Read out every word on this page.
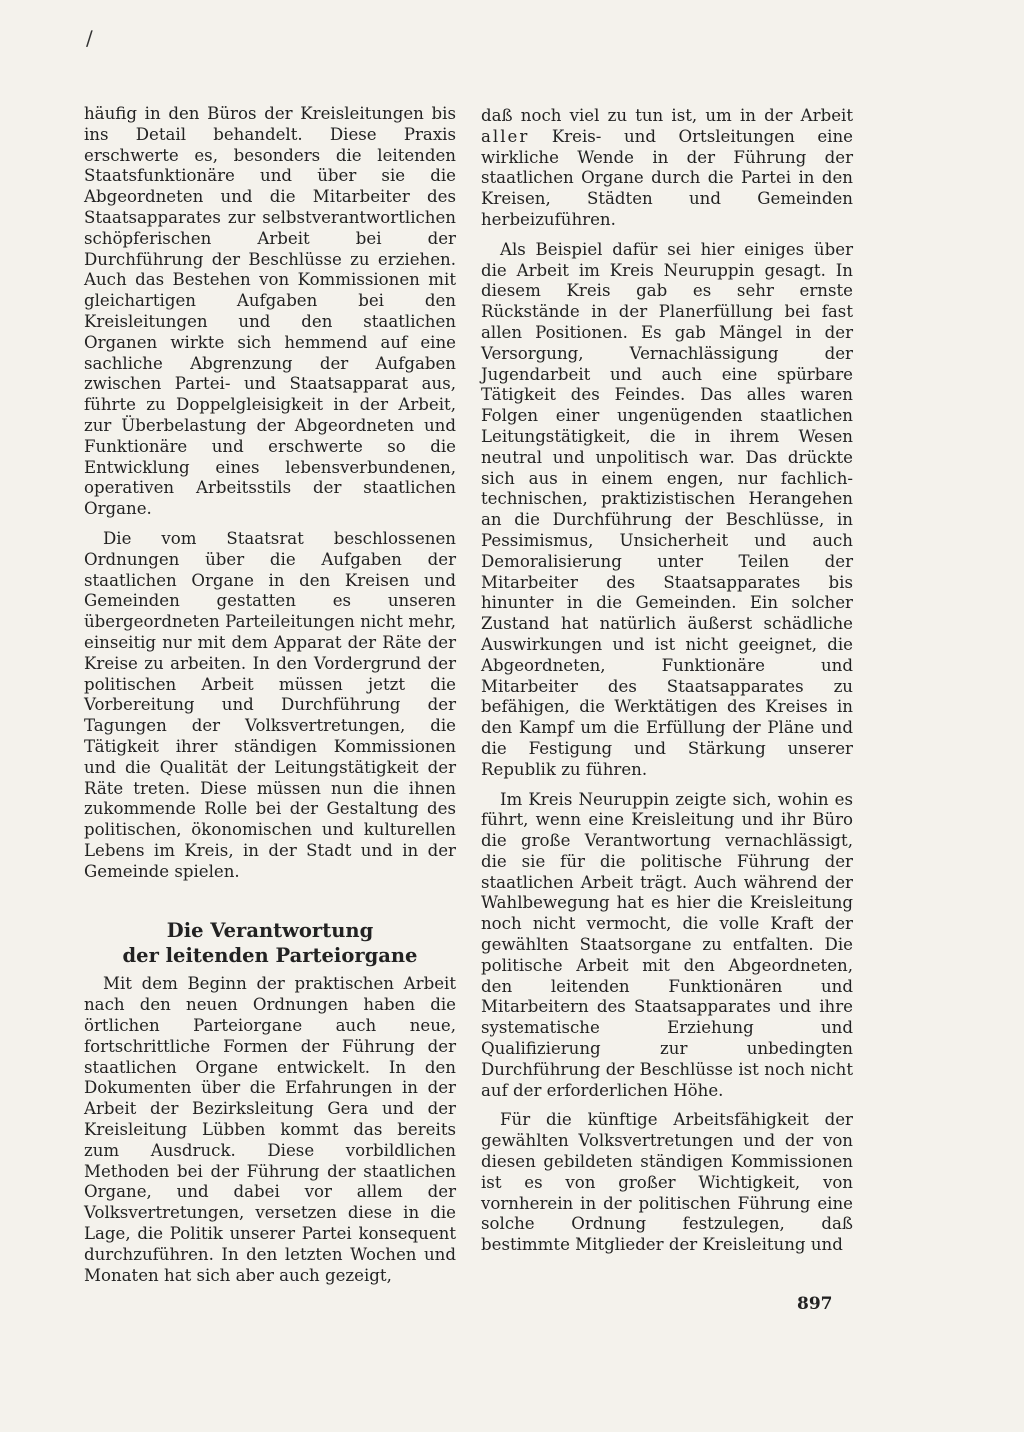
∕

häufig in den Büros der Kreisleitungen bis ins Detail behandelt. Diese Praxis erschwerte es, besonders die leitenden Staatsfunktionäre und über sie die Abgeordneten und die Mitarbeiter des Staatsapparates zur selbstverantwortlichen schöpferischen Arbeit bei der Durchführung der Beschlüsse zu erziehen. Auch das Bestehen von Kommissionen mit gleichartigen Aufgaben bei den Kreisleitungen und den staatlichen Organen wirkte sich hemmend auf eine sachliche Abgrenzung der Aufgaben zwischen Partei- und Staatsapparat aus, führte zu Doppelgleisigkeit in der Arbeit, zur Überbelastung der Abgeordneten und Funktionäre und erschwerte so die Entwicklung eines lebensverbundenen, operativen Arbeitsstils der staatlichen Organe.

Die vom Staatsrat beschlossenen Ordnungen über die Aufgaben der staatlichen Organe in den Kreisen und Gemeinden gestatten es unseren übergeordneten Parteileitungen nicht mehr, einseitig nur mit dem Apparat der Räte der Kreise zu arbeiten. In den Vordergrund der politischen Arbeit müssen jetzt die Vorbereitung und Durchführung der Tagungen der Volksvertretungen, die Tätigkeit ihrer ständigen Kommissionen und die Qualität der Leitungstätigkeit der Räte treten. Diese müssen nun die ihnen zukommende Rolle bei der Gestaltung des politischen, ökonomischen und kulturellen Lebens im Kreis, in der Stadt und in der Gemeinde spielen.

Die Verantwortung
der leitenden Parteiorgane

Mit dem Beginn der praktischen Arbeit nach den neuen Ordnungen haben die örtlichen Parteiorgane auch neue, fortschrittliche Formen der Führung der staatlichen Organe entwickelt. In den Dokumenten über die Erfahrungen in der Arbeit der Bezirksleitung Gera und der Kreisleitung Lübben kommt das bereits zum Ausdruck. Diese vorbildlichen Methoden bei der Führung der staatlichen Organe, und dabei vor allem der Volksvertretungen, versetzen diese in die Lage, die Politik unserer Partei konsequent durchzuführen. In den letzten Wochen und Monaten hat sich aber auch gezeigt,

daß noch viel zu tun ist, um in der Arbeit aller Kreis- und Ortsleitungen eine wirkliche Wende in der Führung der staatlichen Organe durch die Partei in den Kreisen, Städten und Gemeinden herbeizuführen.

Als Beispiel dafür sei hier einiges über die Arbeit im Kreis Neuruppin gesagt. In diesem Kreis gab es sehr ernste Rückstände in der Planerfüllung bei fast allen Positionen. Es gab Mängel in der Versorgung, Vernachlässigung der Jugendarbeit und auch eine spürbare Tätigkeit des Feindes. Das alles waren Folgen einer ungenügenden staatlichen Leitungstätigkeit, die in ihrem Wesen neutral und unpolitisch war. Das drückte sich aus in einem engen, nur fachlich-technischen, praktizistischen Herangehen an die Durchführung der Beschlüsse, in Pessimismus, Unsicherheit und auch Demoralisierung unter Teilen der Mitarbeiter des Staatsapparates bis hinunter in die Gemeinden. Ein solcher Zustand hat natürlich äußerst schädliche Auswirkungen und ist nicht geeignet, die Abgeordneten, Funktionäre und Mitarbeiter des Staatsapparates zu befähigen, die Werktätigen des Kreises in den Kampf um die Erfüllung der Pläne und die Festigung und Stärkung unserer Republik zu führen.

Im Kreis Neuruppin zeigte sich, wohin es führt, wenn eine Kreisleitung und ihr Büro die große Verantwortung vernachlässigt, die sie für die politische Führung der staatlichen Arbeit trägt. Auch während der Wahlbewegung hat es hier die Kreisleitung noch nicht vermocht, die volle Kraft der gewählten Staatsorgane zu entfalten. Die politische Arbeit mit den Abgeordneten, den leitenden Funktionären und Mitarbeitern des Staatsapparates und ihre systematische Erziehung und Qualifizierung zur unbedingten Durchführung der Beschlüsse ist noch nicht auf der erforderlichen Höhe.

Für die künftige Arbeitsfähigkeit der gewählten Volksvertretungen und der von diesen gebildeten ständigen Kommissionen ist es von großer Wichtigkeit, von vornherein in der politischen Führung eine solche Ordnung festzulegen, daß bestimmte Mitglieder der Kreisleitung und

897
